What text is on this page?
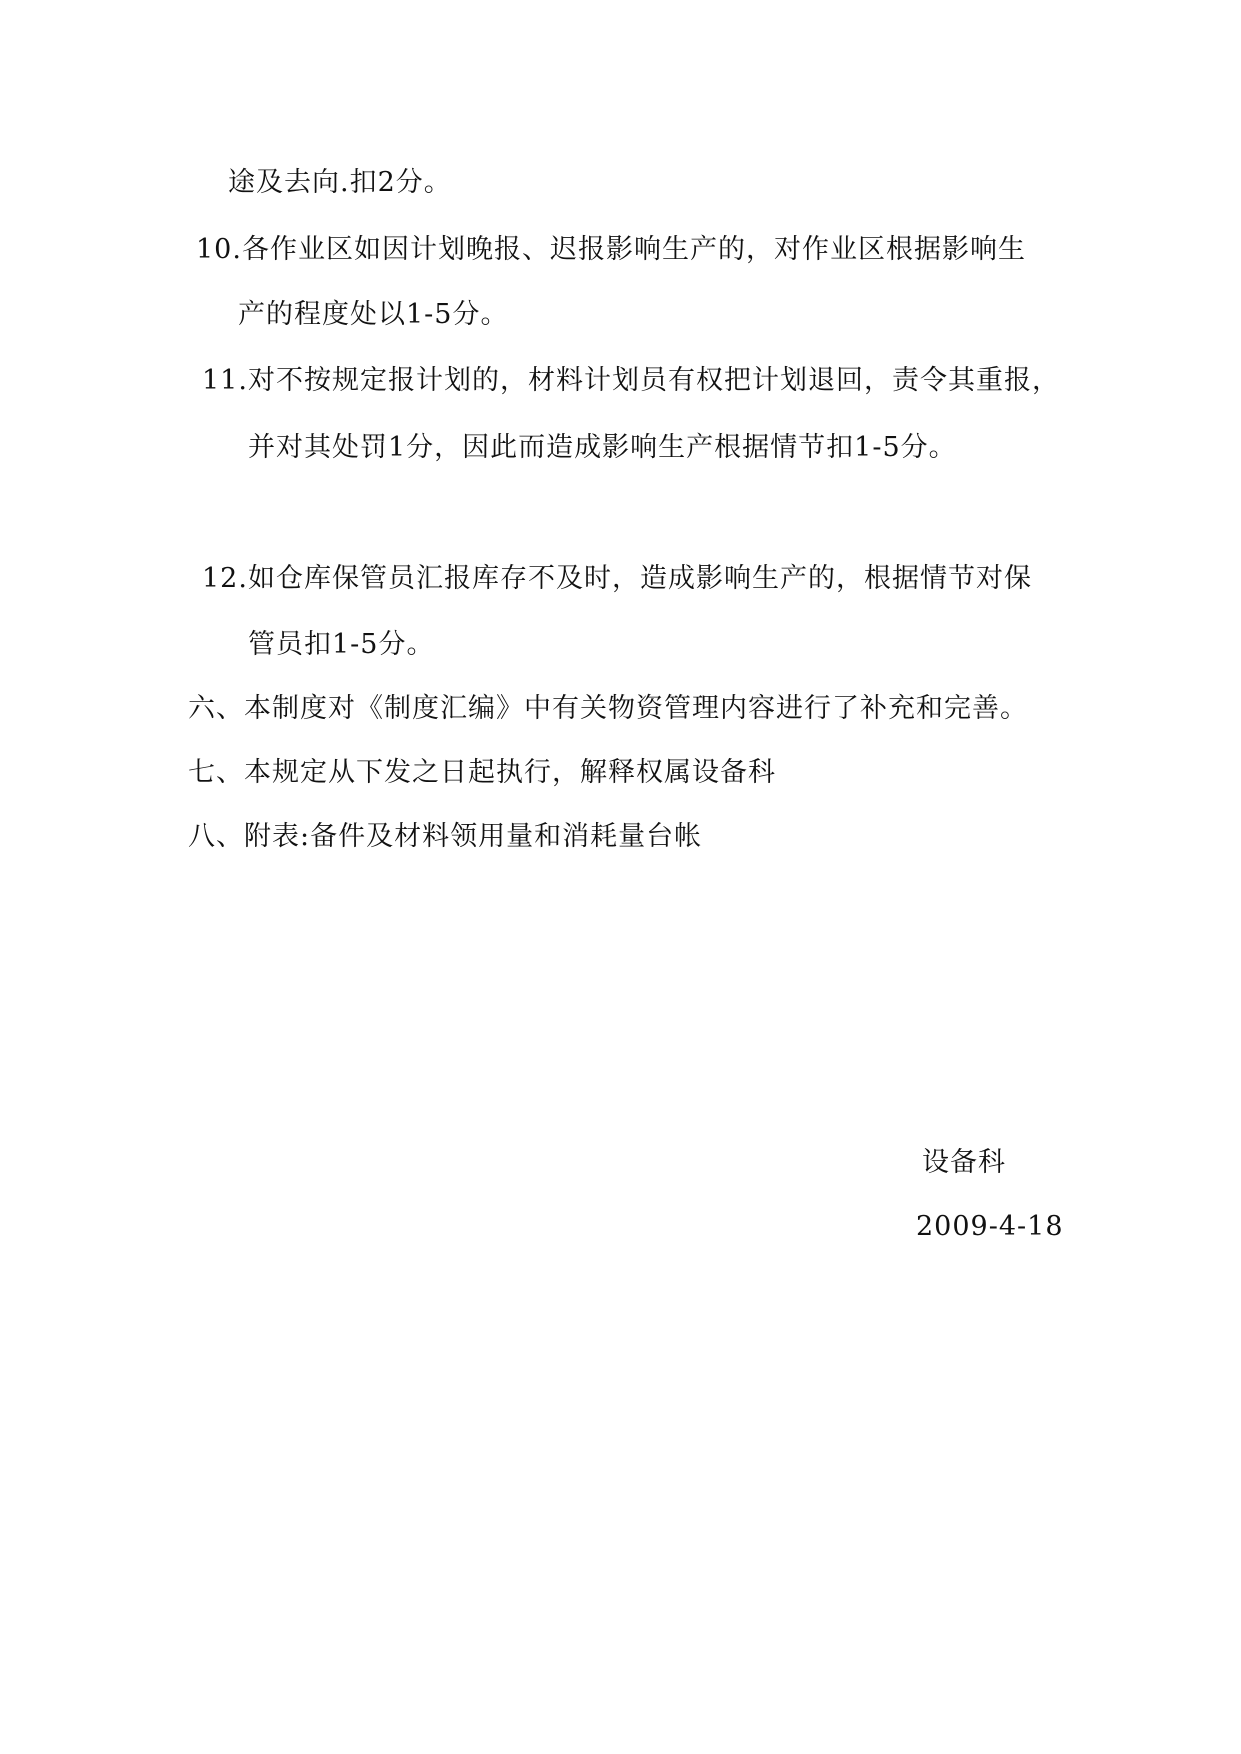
途及去向.扣2分。
10.各作业区如因计划晚报、迟报影响生产的，对作业区根据影响生
产的程度处以1-5分。
11.对不按规定报计划的，材料计划员有权把计划退回，责令其重报，
并对其处罚1分，因此而造成影响生产根据情节扣1-5分。
12.如仓库保管员汇报库存不及时，造成影响生产的，根据情节对保
管员扣1-5分。
六、本制度对《制度汇编》中有关物资管理内容进行了补充和完善。
七、本规定从下发之日起执行，解释权属设备科
八、附表:备件及材料领用量和消耗量台帐
设备科
2009-4-18
